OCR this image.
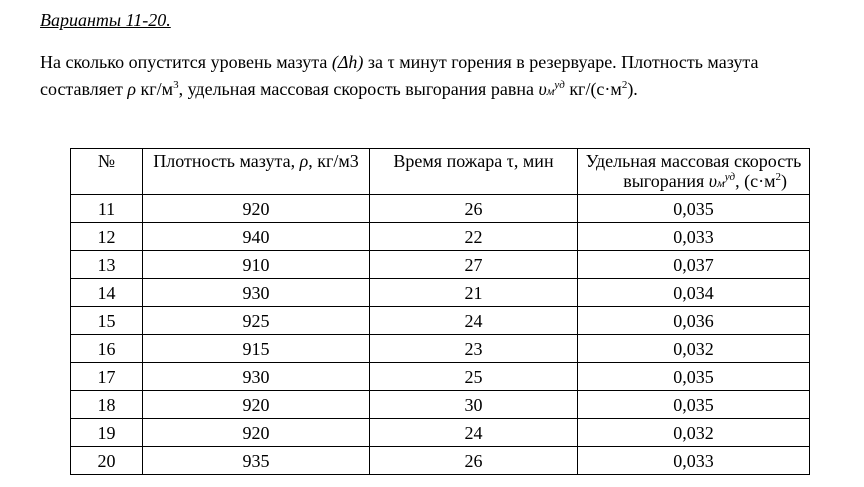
Варианты 11-20.
На сколько опустится уровень мазута (Δh) за τ минут горения в резервуаре. Плотность мазута
составляет ρ $кг/м^3$, удельная массовая скорость выгорания равна $\upsilon м^{уд}$ $кг/(с\cdot м^2)$.
№	Плотность мазута, ρ, кг/м3	Время пожара τ, мин	Удельная массовая скорость
выгорания $\upsilon м^{уд}$, $(с\cdot м^2)$

11	920	26	0,035
12	940	22	0,033
13	910	27	0,037
14	930	21	0,034
15	925	24	0,036
16	915	23	0,032
17	930	25	0,035
18	920	30	0,035
19	920	24	0,032
20	935	26	0,033
